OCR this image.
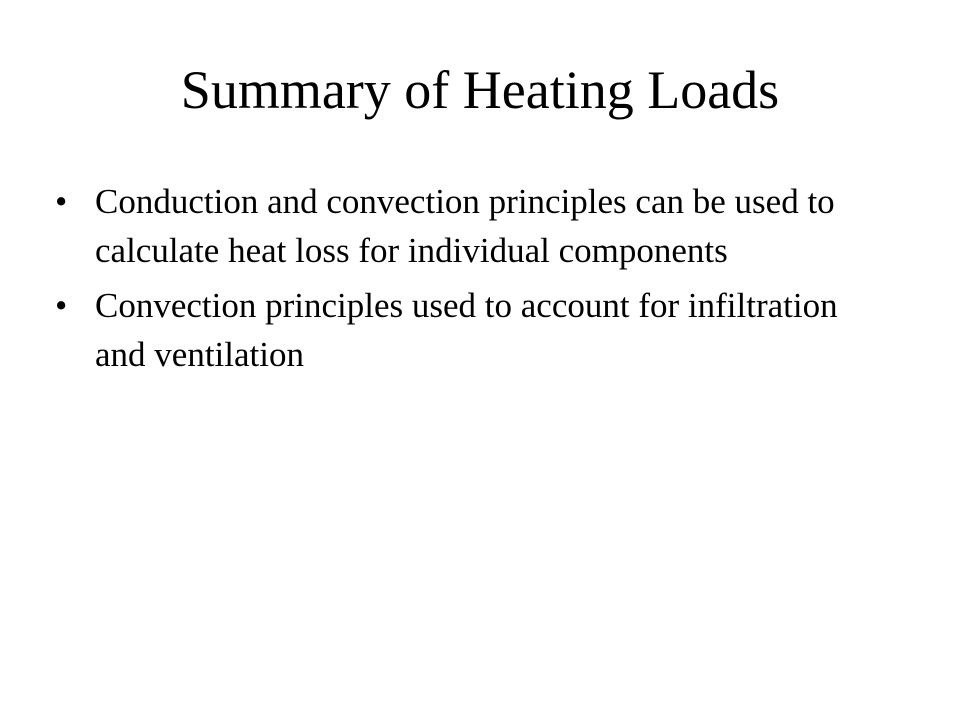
Summary of Heating Loads
• Conduction and convection principles can be used to calculate heat loss for individual components
• Convection principles used to account for infiltration and ventilation
